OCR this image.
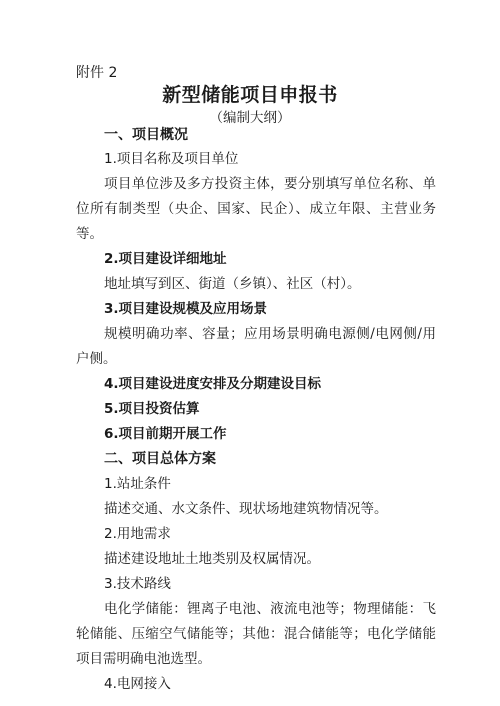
附件 2
新型储能项目申报书
（编制大纲）
一、项目概况
1.项目名称及项目单位
项目单位涉及多方投资主体，要分别填写单位名称、单
位所有制类型（央企、国家、民企）、成立年限、主营业务
等。
2.项目建设详细地址
地址填写到区、街道（乡镇）、社区（村）。
3.项目建设规模及应用场景
规模明确功率、容量；应用场景明确电源侧/电网侧/用
户侧。
4.项目建设进度安排及分期建设目标
5.项目投资估算
6.项目前期开展工作
二、项目总体方案
1.站址条件
描述交通、水文条件、现状场地建筑物情况等。
2.用地需求
描述建设地址土地类别及权属情况。
3.技术路线
电化学储能：锂离子电池、液流电池等；物理储能：飞
轮储能、压缩空气储能等；其他：混合储能等；电化学储能
项目需明确电池选型。
4.电网接入
